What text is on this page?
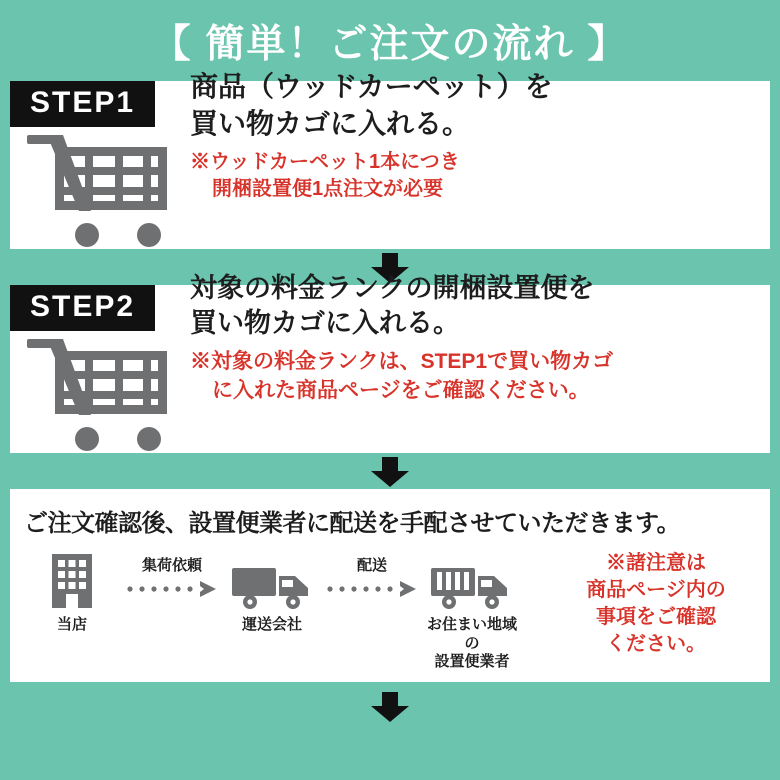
【 簡単！ご注文の流れ 】
STEP1 商品（ウッドカーペット）を
買い物カゴに入れる。
※ウッドカーペット1本につき
開梱設置便1点注文が必要
STEP2
対象の料金ランクの開梱設置便を
買い物カゴに入れる。
※対象の料金ランクは、STEP1で買い物カゴ
に入れた商品ページをご確認ください。
ご注文確認後、設置便業者に配送を手配させていただきます。
当店
集荷依頼
運送会社
配送
お住まい地域の
設置便業者
※諸注意は
商品ページ内の
事項をご確認
ください。
